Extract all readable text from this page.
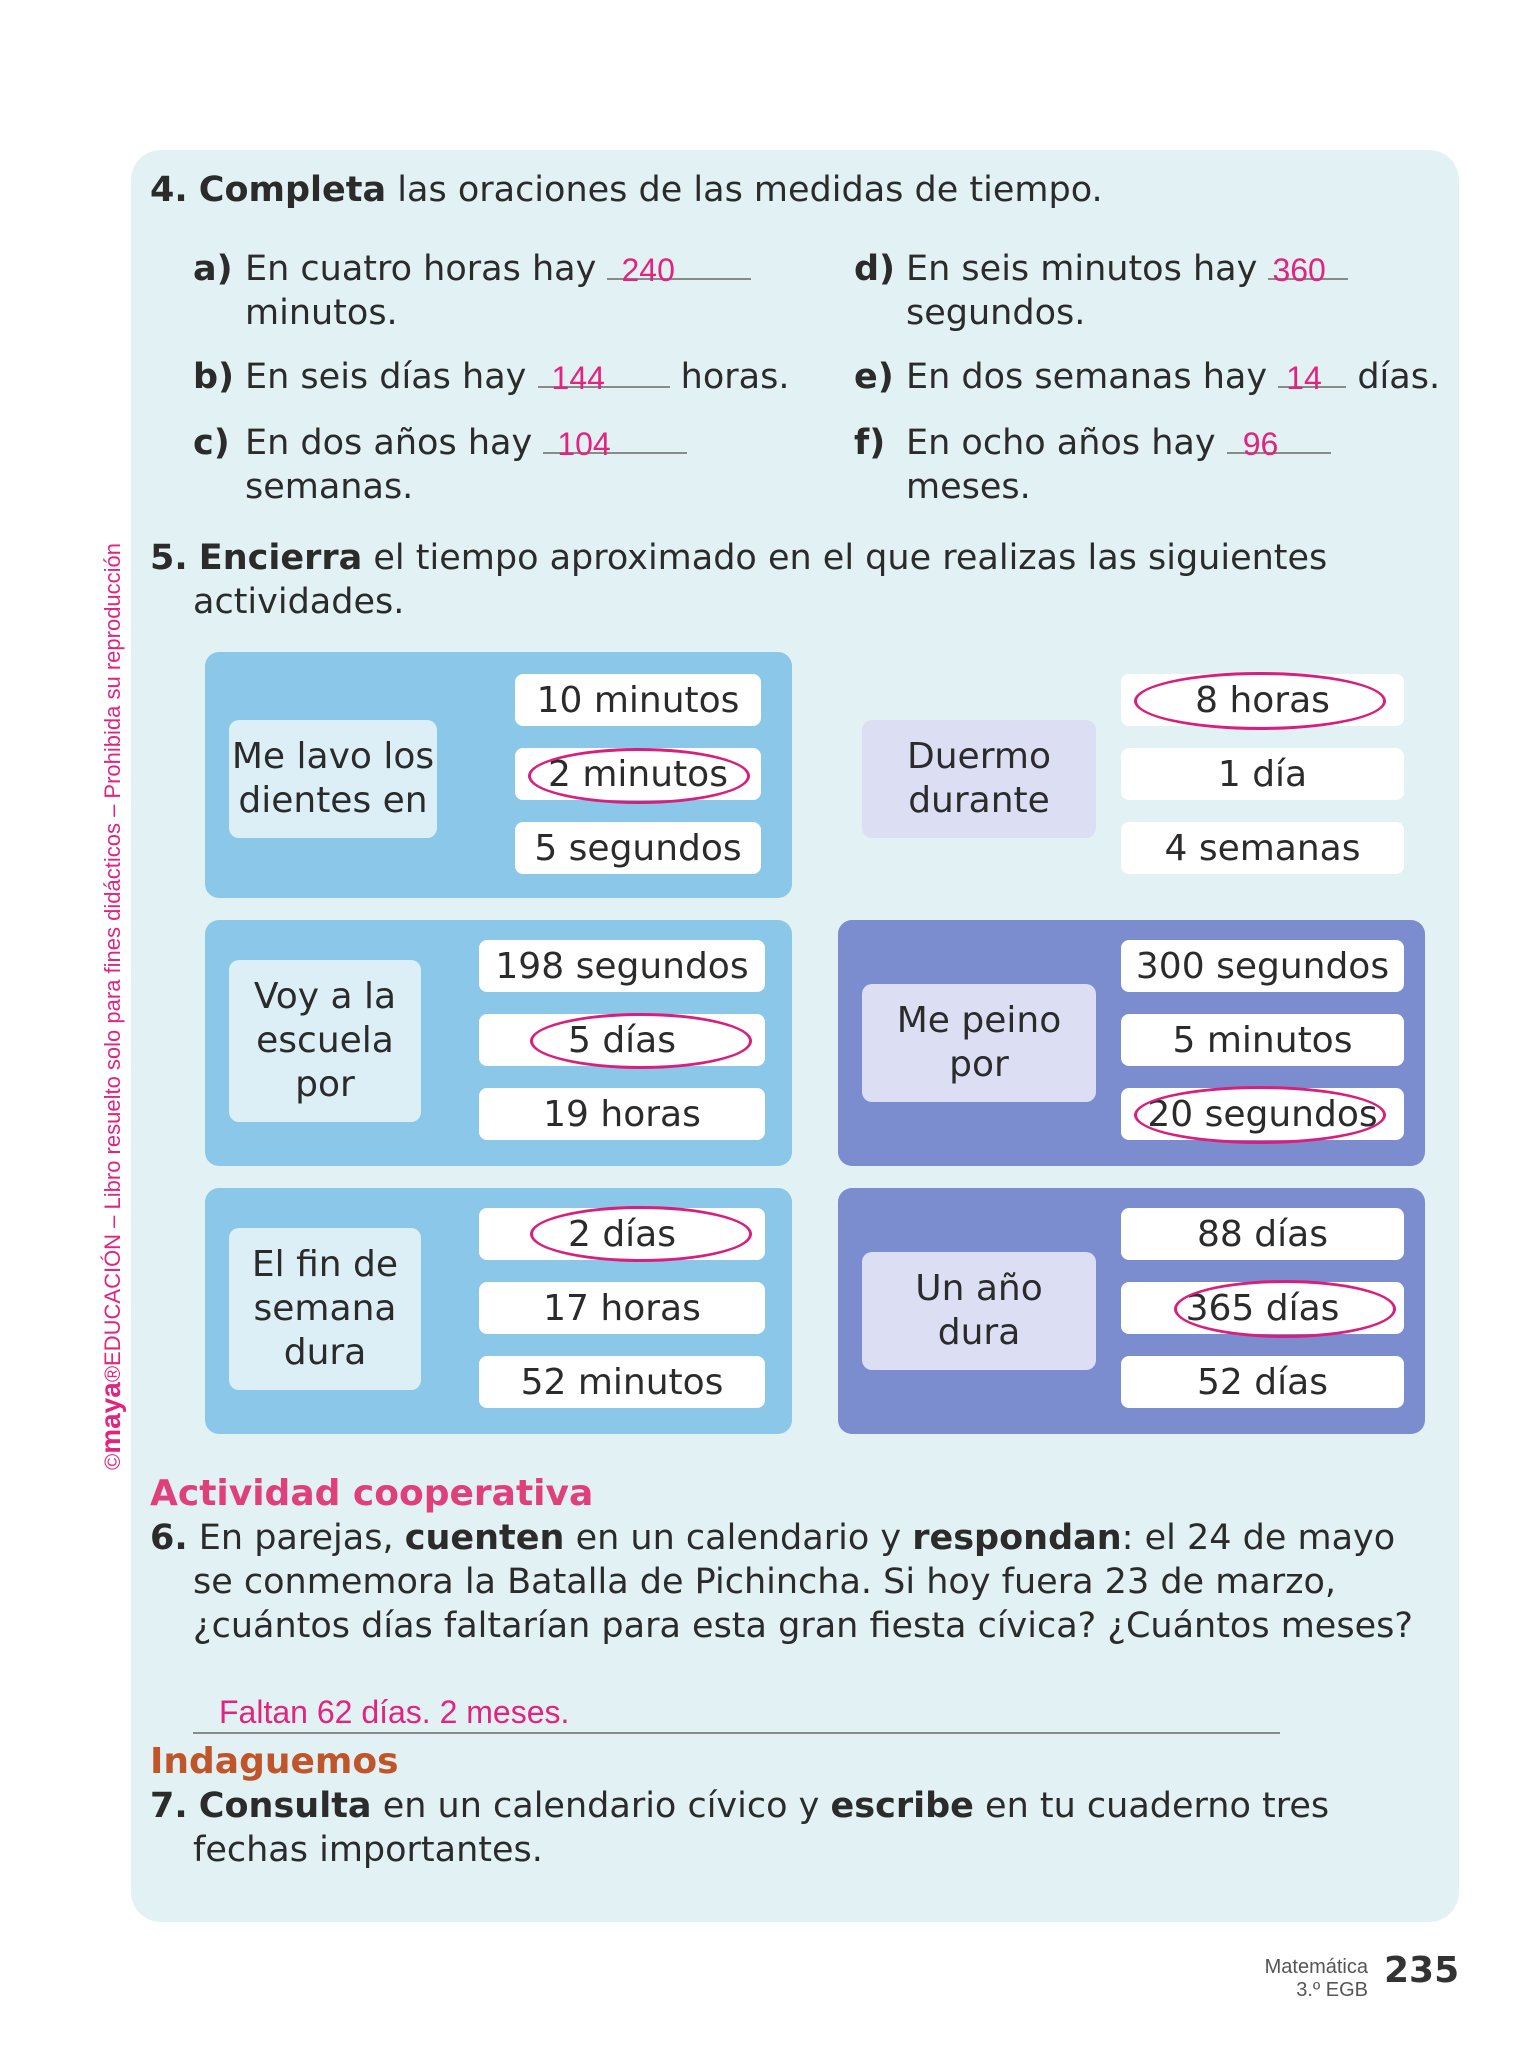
©maya®EDUCACIÓN – Libro resuelto solo para fines didácticos – Prohibida su reproducción
4. Completa las oraciones de las medidas de tiempo.
a) En cuatro horas hay 240
minutos.
b) En seis días hay 144 horas.
c) En dos años hay 104
semanas.
d) En seis minutos hay 360
segundos.
e) En dos semanas hay 14 días.
f) En ocho años hay 96
meses.
5. Encierra el tiempo aproximado en el que realizas las siguientes
actividades.
Me lavo los
dientes en
10 minutos
2 minutos
5 segundos
Duermo
durante
8 horas
1 día
4 semanas
Voy a la
escuela
por
198 segundos
5 días
19 horas
Me peino
por
300 segundos
5 minutos
20 segundos
El fin de
semana
dura
2 días
17 horas
52 minutos
Un año
dura
88 días
365 días
52 días
Actividad cooperativa
6. En parejas, cuenten en un calendario y respondan: el 24 de mayo
se conmemora la Batalla de Pichincha. Si hoy fuera 23 de marzo,
¿cuántos días faltarían para esta gran fiesta cívica? ¿Cuántos meses?
Faltan 62 días. 2 meses.
Indaguemos
7. Consulta en un calendario cívico y escribe en tu cuaderno tres
fechas importantes.
Matemática
3.º EGB 235
